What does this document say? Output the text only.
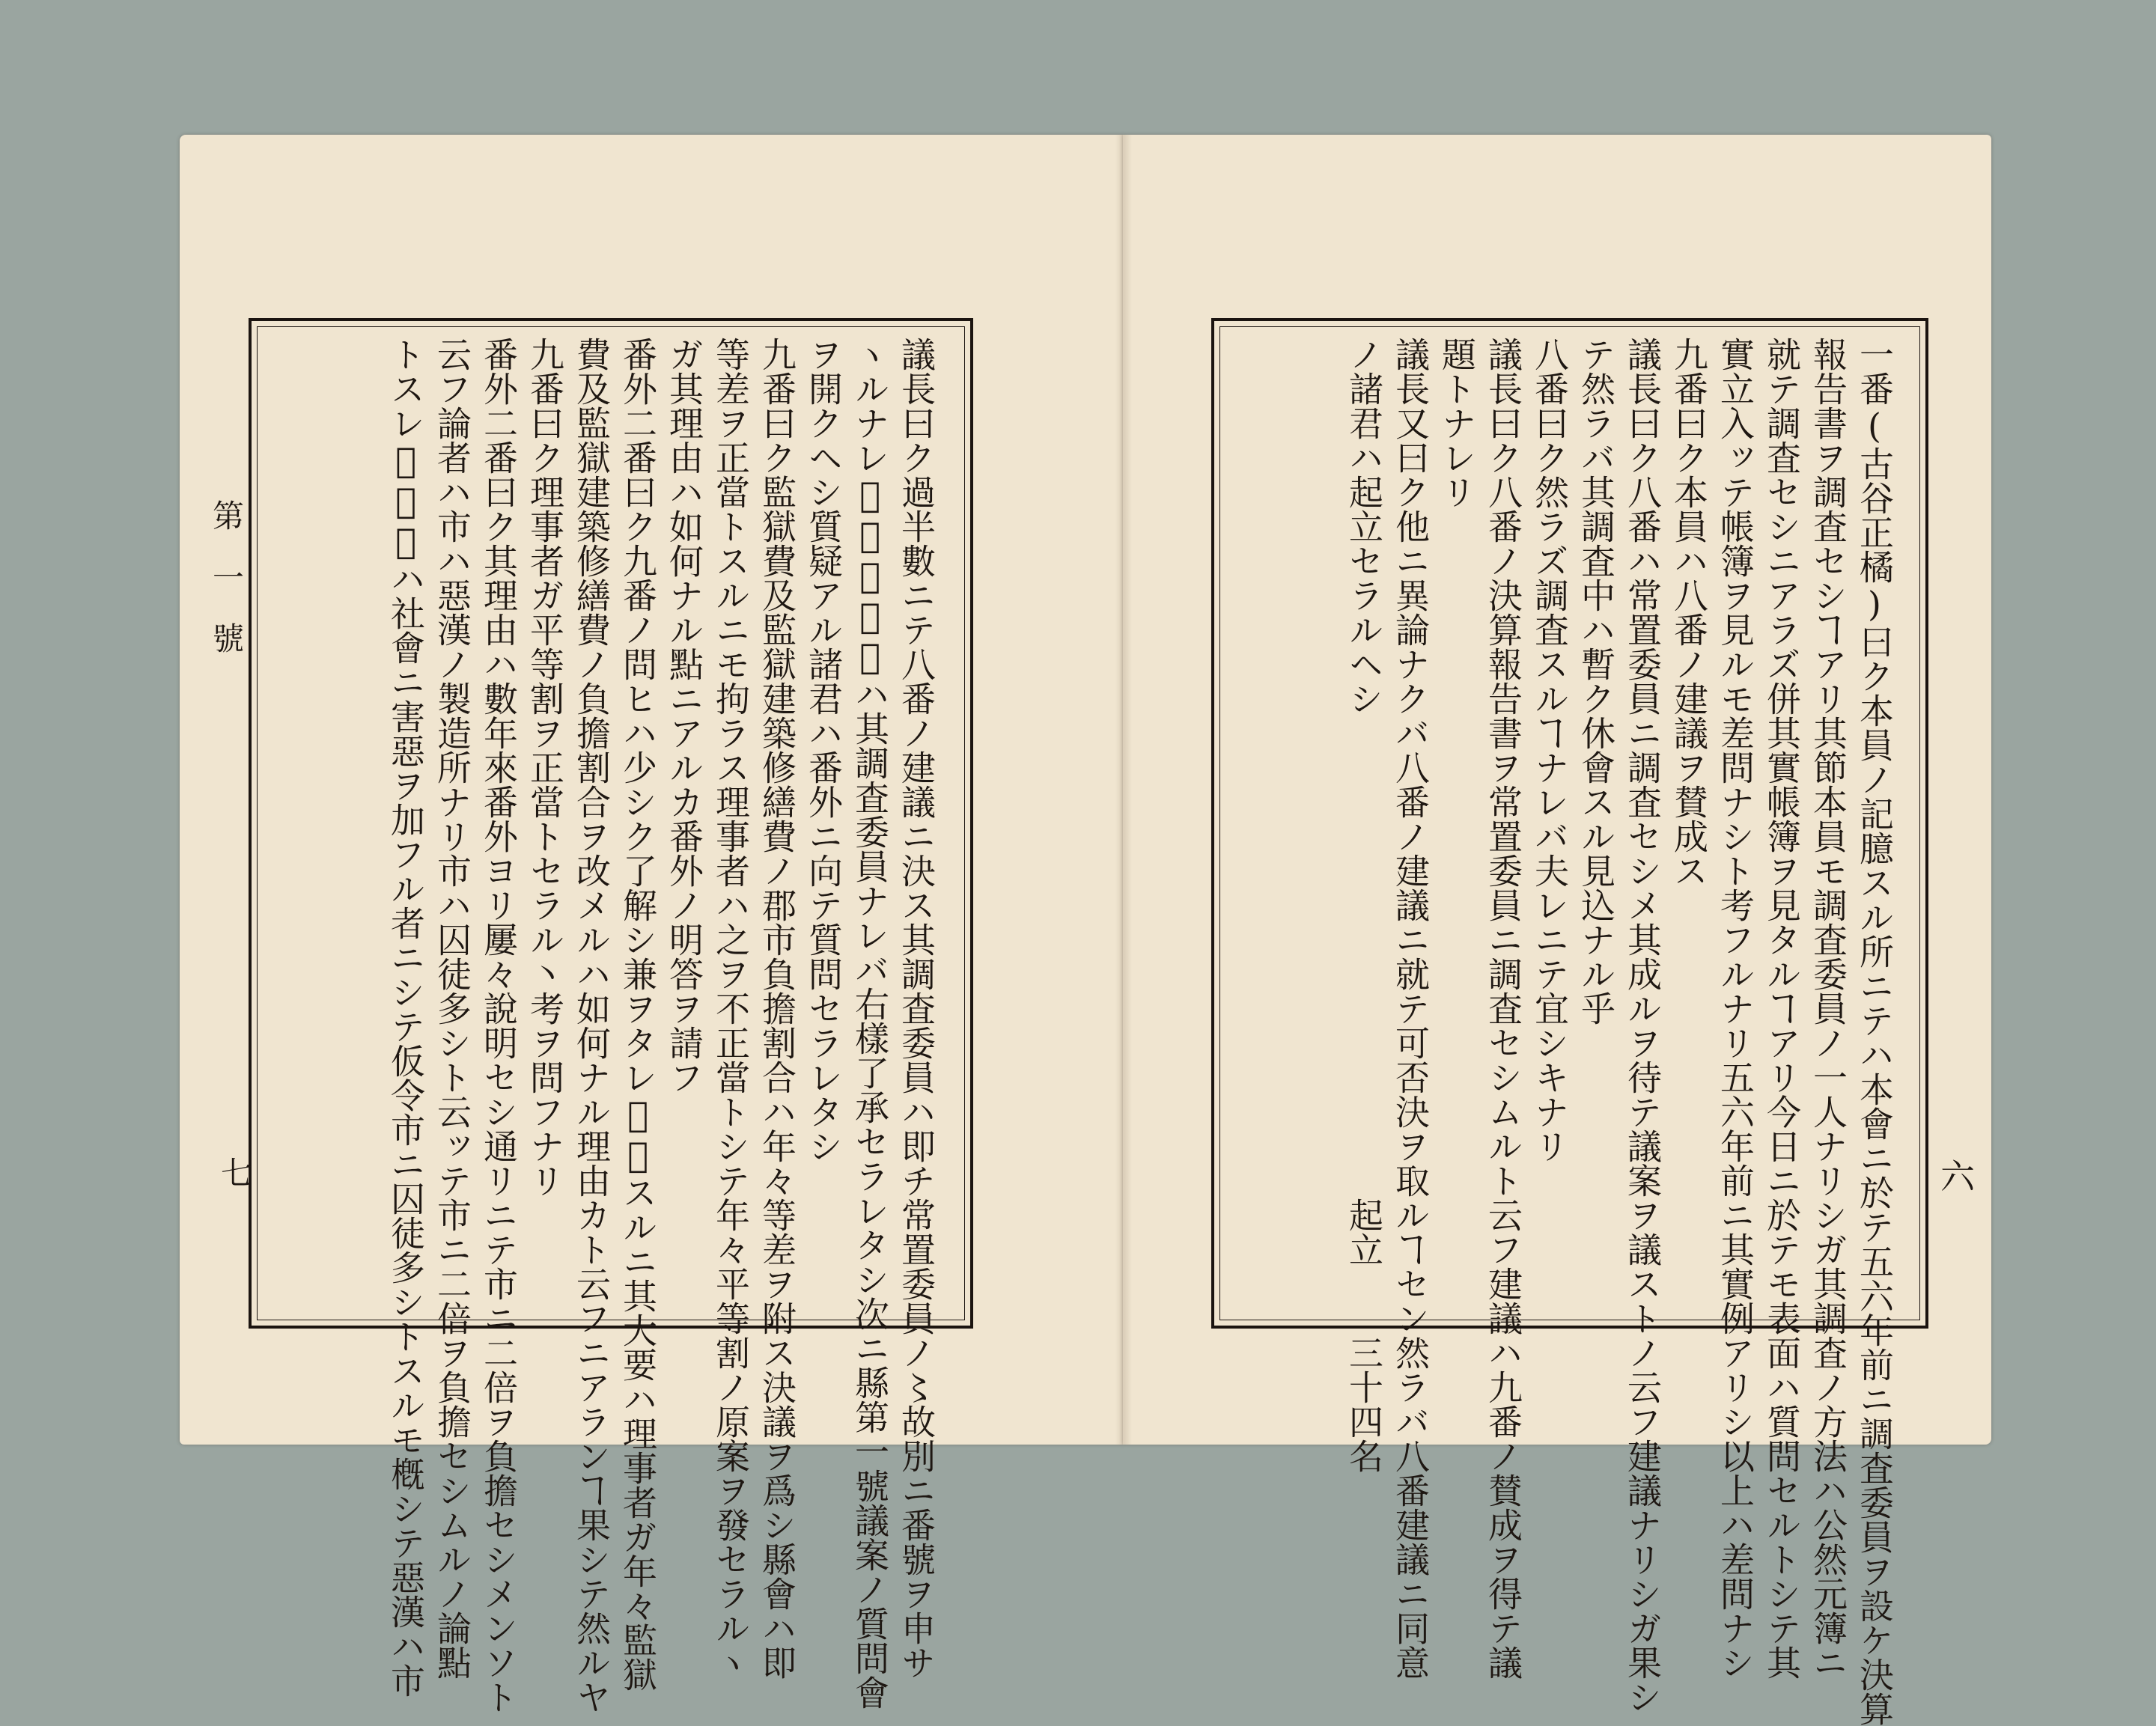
第一號
七	六
議長曰ク過半數ニテ八番ノ建議ニ決ス其調査委員ハ即チ常置委員ノ〻故別ニ番號ヲ申サ
ヽルナレ𪜈常置委員ハ其調査委員ナレバ右樣了承セラレタシ次ニ縣第一號議案ノ質問會
ヲ開クヘシ質疑アル諸君ハ番外ニ向テ質問セラレタシ
九番曰ク監獄費及監獄建築修繕費ノ郡市負擔割合ハ年々等差ヲ附ス決議ヲ爲シ縣會ハ即
等差ヲ正當トスルニモ拘ラス理事者ハ之ヲ不正當トシテ年々平等割ノ原案ヲ發セラルヽ
ガ其理由ハ如何ナル點ニアルカ番外ノ明答ヲ請フ
番外二番曰ク九番ノ問ヒハ少シク了解シ兼ヲタレ𪜈察スルニ其大要ハ理事者ガ年々監獄
費及監獄建築修繕費ノ負擔割合ヲ改メルハ如何ナル理由カト云フニアランヿ果シテ然ルヤ
九番曰ク理事者ガ平等割ヲ正當トセラル丶考ヲ問フナリ
番外二番曰ク其理由ハ數年來番外ヨリ屢々說明セシ通リニテ市ニ二倍ヲ負擔セシメンソト
云フ論者ハ市ハ惡漢ノ製造所ナリ市ハ囚徒多シト云ッテ市ニ二倍ヲ負擔セシムルノ論點
トスレ𪜈惡漢ハ社會ニ害惡ヲ加フル者ニシテ仮令市ニ囚徒多シトスルモ槪シテ惡漢ハ市	一番(古谷正橘)曰ク本員ノ記臆スル所ニテハ本會ニ於テ五六年前ニ調査委員ヲ設ケ決算
報告書ヲ調査セシヿアリ其節本員モ調査委員ノ一人ナリシガ其調査ノ方法ハ公然元簿ニ
就テ調査セシニアラズ併其實帳簿ヲ見タルヿアリ今日ニ於テモ表面ハ質問セルトシテ其
實立入ッテ帳簿ヲ見ルモ差問ナシト考フルナリ五六年前ニ其實例アリシ以上ハ差問ナシ
九番曰ク本員ハ八番ノ建議ヲ賛成ス
議長曰ク八番ハ常置委員ニ調査セシメ其成ルヲ待テ議案ヲ議ストノ云フ建議ナリシガ果シ
テ然ラバ其調査中ハ暫ク休會スル見込ナル乎
八番曰ク然ラズ調査スルヿナレバ夫レニテ宜シキナリ
議長曰ク八番ノ決算報告書ヲ常置委員ニ調査セシムルト云フ建議ハ九番ノ賛成ヲ得テ議
題トナレリ
議長又曰ク他ニ異論ナクバ八番ノ建議ニ就テ可否決ヲ取ルヿセン然ラバ八番建議ニ同意
ノ諸君ハ起立セラルヘシ　　　　　　　　　　　　　　起立　　三十四名
